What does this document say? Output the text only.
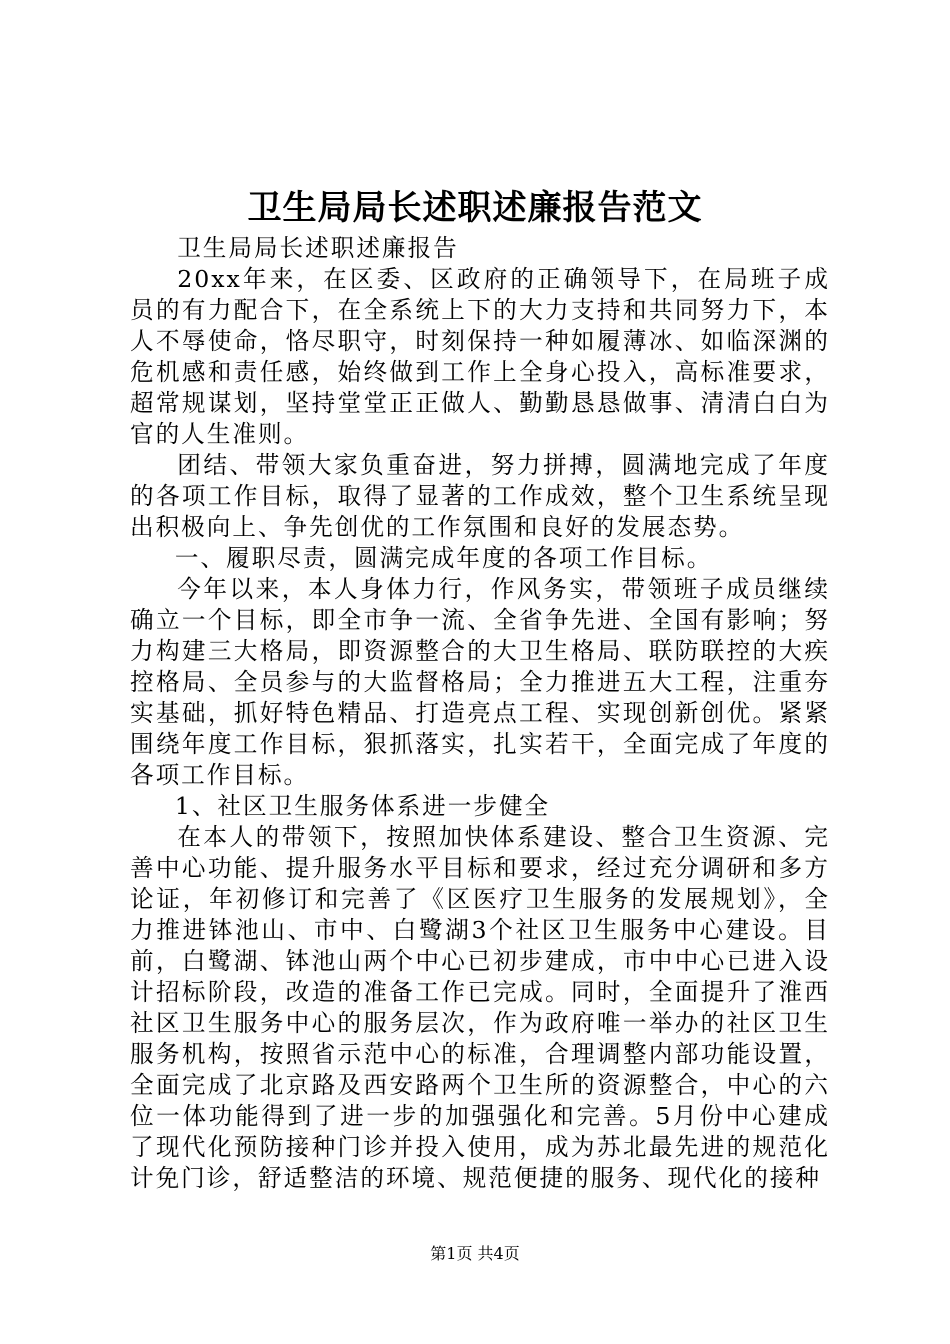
卫生局局长述职述廉报告范文

卫生局局长述职述廉报告

20xx年来，在区委、区政府的正确领导下，在局班子成员的有力配合下，在全系统上下的大力支持和共同努力下，本人不辱使命，恪尽职守，时刻保持一种如履薄冰、如临深渊的危机感和责任感，始终做到工作上全身心投入，高标准要求，超常规谋划，坚持堂堂正正做人、勤勤恳恳做事、清清白白为官的人生准则。

团结、带领大家负重奋进，努力拼搏，圆满地完成了年度的各项工作目标，取得了显著的工作成效，整个卫生系统呈现出积极向上、争先创优的工作氛围和良好的发展态势。

一、履职尽责，圆满完成年度的各项工作目标。

今年以来，本人身体力行，作风务实，带领班子成员继续确立一个目标，即全市争一流、全省争先进、全国有影响；努力构建三大格局，即资源整合的大卫生格局、联防联控的大疾控格局、全员参与的大监督格局；全力推进五大工程，注重夯实基础，抓好特色精品、打造亮点工程、实现创新创优。紧紧围绕年度工作目标，狠抓落实，扎实若干，全面完成了年度的各项工作目标。

1、社区卫生服务体系进一步健全

在本人的带领下，按照加快体系建设、整合卫生资源、完善中心功能、提升服务水平目标和要求，经过充分调研和多方论证，年初修订和完善了《区医疗卫生服务的发展规划》，全力推进钵池山、市中、白鹭湖3个社区卫生服务中心建设。目前，白鹭湖、钵池山两个中心已初步建成，市中中心已进入设计招标阶段，改造的准备工作已完成。同时，全面提升了淮西社区卫生服务中心的服务层次，作为政府唯一举办的社区卫生服务机构，按照省示范中心的标准，合理调整内部功能设置，全面完成了北京路及西安路两个卫生所的资源整合，中心的六位一体功能得到了进一步的加强强化和完善。5月份中心建成了现代化预防接种门诊并投入使用，成为苏北最先进的规范化计免门诊，舒适整洁的环境、规范便捷的服务、现代化的接种

第1页 共4页
